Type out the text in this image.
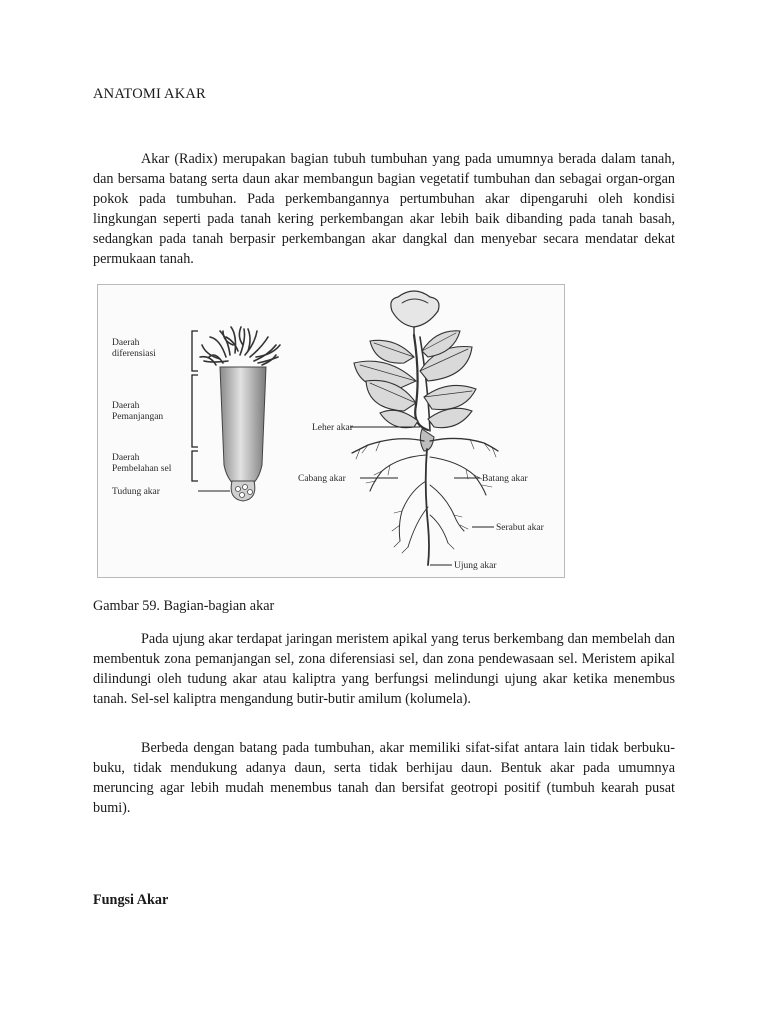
ANATOMI AKAR

Akar (Radix) merupakan bagian tubuh tumbuhan yang pada umumnya berada dalam tanah, dan bersama batang serta daun akar membangun bagian vegetatif tumbuhan dan sebagai organ-organ pokok pada tumbuhan. Pada perkembangannya pertumbuhan akar dipengaruhi oleh kondisi lingkungan seperti pada tanah kering perkembangan akar lebih baik dibanding pada tanah basah, sedangkan pada tanah berpasir perkembangan akar dangkal dan menyebar secara mendatar dekat permukaan tanah.

Daerah
diferensiasi
Daerah
Pemanjangan
Daerah
Pembelahan sel
Tudung akar
Leher akar
Cabang akar	Batang akar
Serabut akar
Ujung akar
Gambar 59. Bagian-bagian akar

Pada ujung akar terdapat jaringan meristem apikal yang terus berkembang dan membelah dan membentuk zona pemanjangan sel, zona diferensiasi sel, dan zona pendewasaan sel. Meristem apikal dilindungi oleh tudung akar atau kaliptra yang berfungsi melindungi ujung akar ketika menembus tanah. Sel-sel kaliptra mengandung butir-butir amilum (kolumela).

Berbeda dengan batang pada tumbuhan, akar memiliki sifat-sifat antara lain tidak berbuku-buku, tidak mendukung adanya daun, serta tidak berhijau daun. Bentuk akar pada umumnya meruncing agar lebih mudah menembus tanah dan bersifat geotropi positif (tumbuh kearah pusat bumi).

Fungsi Akar
